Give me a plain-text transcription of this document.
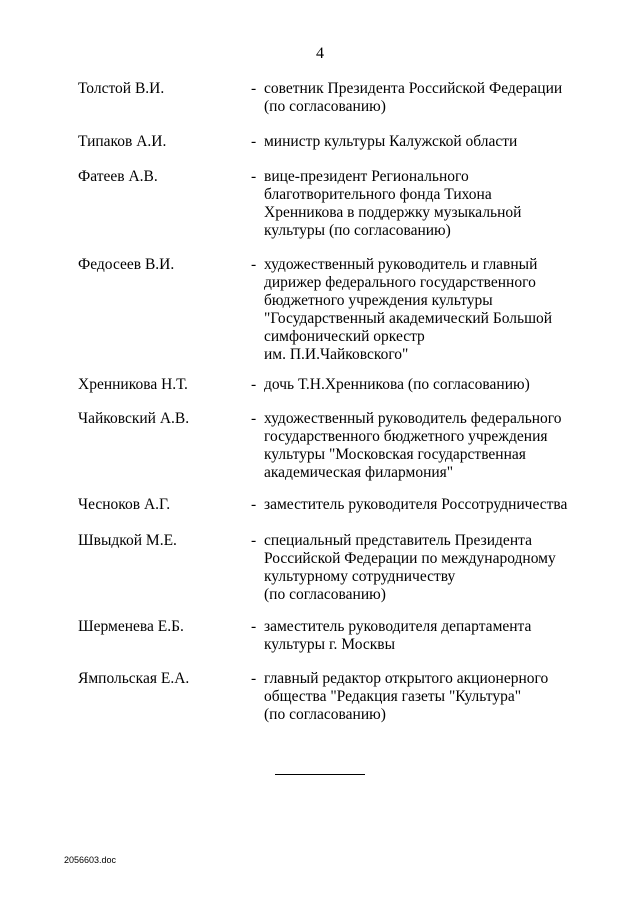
4
Толстой В.И.	- советник Президента Российской Федерации
(по согласованию)
Типаков А.И.	- министр культуры Калужской области
Фатеев А.В.	- вице-президент Регионального
благотворительного фонда Тихона
Хренникова в поддержку музыкальной
культуры (по согласованию)
Федосеев В.И.	- художественный руководитель и главный
дирижер федерального государственного
бюджетного учреждения культуры
"Государственный академический Большой
симфонический оркестр
им. П.И.Чайковского"
Хренникова Н.Т.	- дочь Т.Н.Хренникова (по согласованию)
Чайковский А.В.	- художественный руководитель федерального
государственного бюджетного учреждения
культуры "Московская государственная
академическая филармония"
Чесноков А.Г.	- заместитель руководителя Россотрудничества
Швыдкой М.Е.	- специальный представитель Президента
Российской Федерации по международному
культурному сотрудничеству
(по согласованию)
Шерменева Е.Б.	- заместитель руководителя департамента
культуры г. Москвы
Ямпольская Е.А.	- главный редактор открытого акционерного
общества "Редакция газеты "Культура"
(по согласованию)
2056603.doc
